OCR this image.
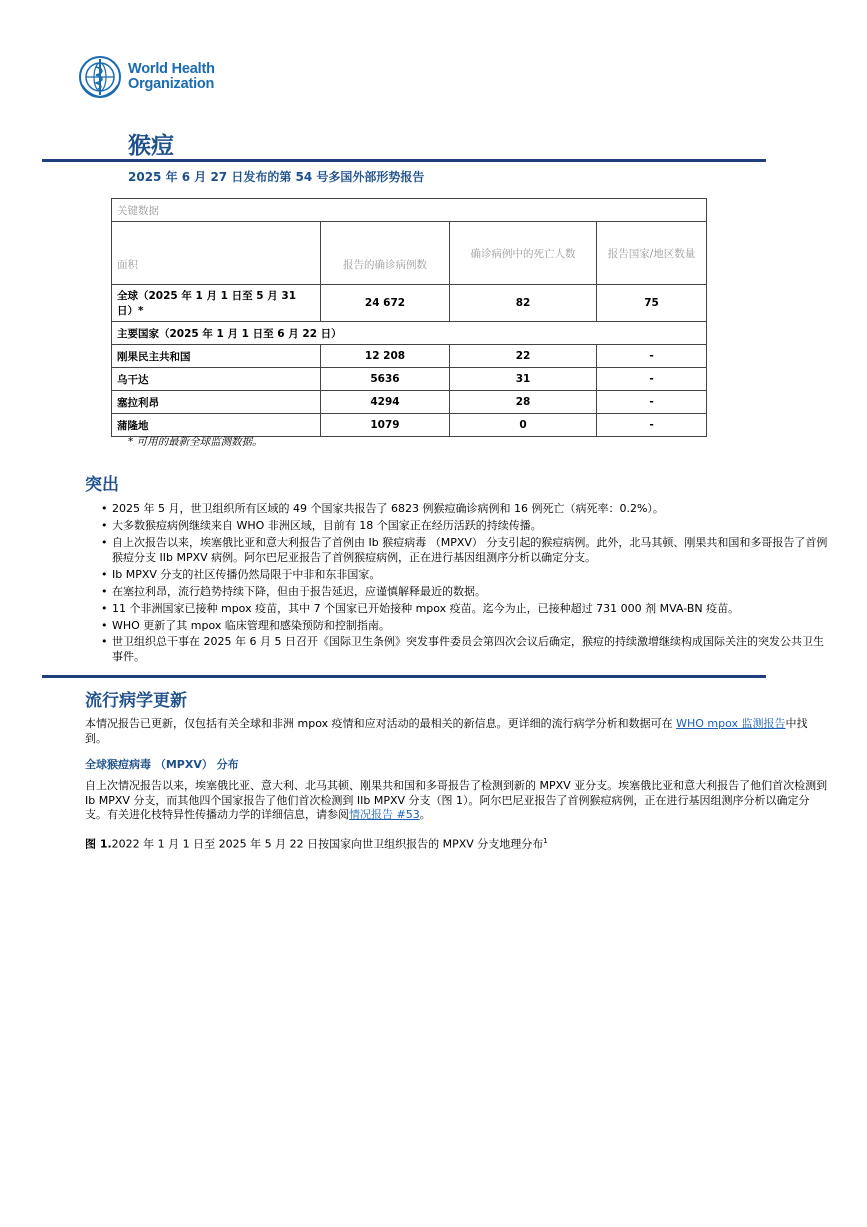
World Health
Organization
猴痘
2025 年 6 月 27 日发布的第 54 号多国外部形势报告
关键数据			
面积	报告的确诊病例数	确诊病例中的死亡人数	报告国家/地区数量
全球（2025 年 1 月 1 日至 5 月 31 日）*	24 672	82	75
主要国家（2025 年 1 月 1 日至 6 月 22 日）			
刚果民主共和国	12 208	22	-
乌干达	5636	31	-
塞拉利昂	4294	28	-
蒲隆地	1079	0	-
* 可用的最新全球监测数据。
突出
• 2025 年 5 月，世卫组织所有区域的 49 个国家共报告了 6823 例猴痘确诊病例和 16 例死亡（病死率：0.2%）。
• 大多数猴痘病例继续来自 WHO 非洲区域，目前有 18 个国家正在经历活跃的持续传播。
• 自上次报告以来，埃塞俄比亚和意大利报告了首例由 Ib 猴痘病毒 （MPXV） 分支引起的猴痘病例。此外，北马其顿、刚果共和国和多哥报告了首例猴痘分支 IIb MPXV 病例。阿尔巴尼亚报告了首例猴痘病例，正在进行基因组测序分析以确定分支。
• Ib MPXV 分支的社区传播仍然局限于中非和东非国家。
• 在塞拉利昂，流行趋势持续下降，但由于报告延迟，应谨慎解释最近的数据。
• 11 个非洲国家已接种 mpox 疫苗，其中 7 个国家已开始接种 mpox 疫苗。迄今为止，已接种超过 731 000 剂 MVA-BN 疫苗。
• WHO 更新了其 mpox 临床管理和感染预防和控制指南。
• 世卫组织总干事在 2025 年 6 月 5 日召开《国际卫生条例》突发事件委员会第四次会议后确定，猴痘的持续激增继续构成国际关注的突发公共卫生事件。
流行病学更新
本情况报告已更新，仅包括有关全球和非洲 mpox 疫情和应对活动的最相关的新信息。更详细的流行病学分析和数据可在 WHO mpox 监测报告中找到。
全球猴痘病毒 （MPXV） 分布
自上次情况报告以来，埃塞俄比亚、意大利、北马其顿、刚果共和国和多哥报告了检测到新的 MPXV 亚分支。埃塞俄比亚和意大利报告了他们首次检测到 Ib MPXV 分支，而其他四个国家报告了他们首次检测到 IIb MPXV 分支（图 1）。阿尔巴尼亚报告了首例猴痘病例，正在进行基因组测序分析以确定分支。有关进化枝特异性传播动力学的详细信息，请参阅情况报告 #53。
图 1.2022 年 1 月 1 日至 2025 年 5 月 22 日按国家向世卫组织报告的 MPXV 分支地理分布$^1$
